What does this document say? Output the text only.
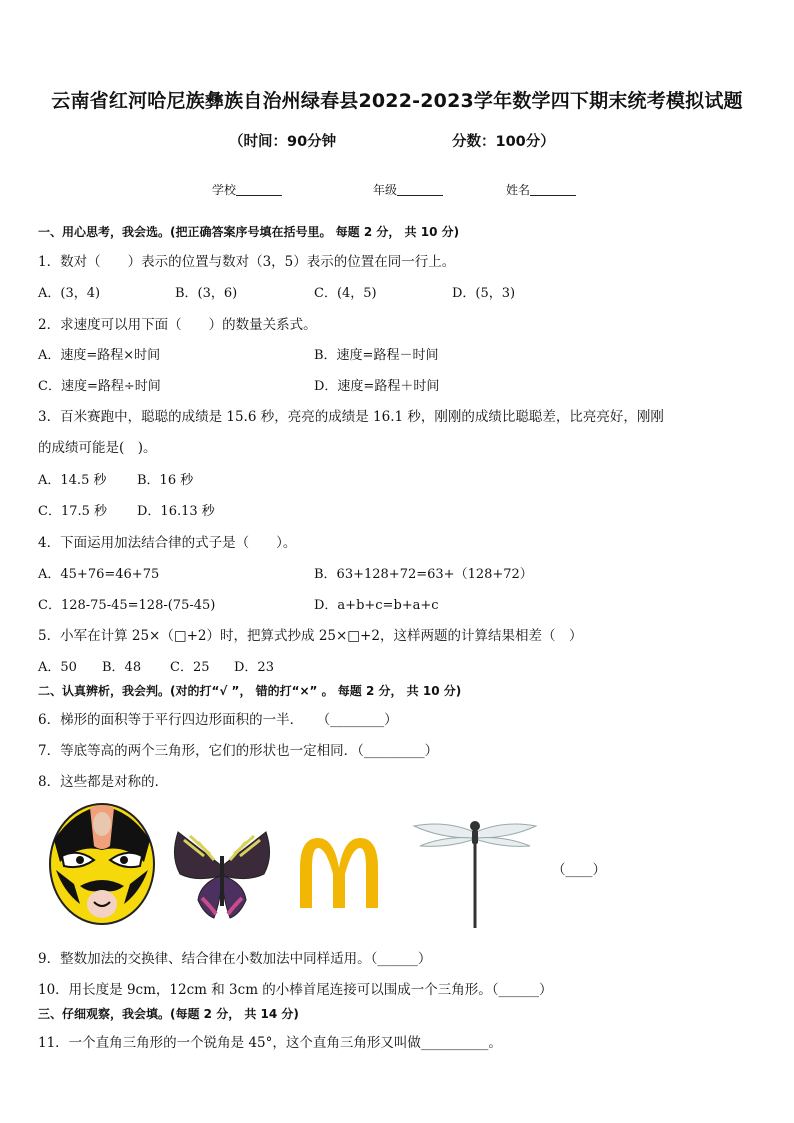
云南省红河哈尼族彝族自治州绿春县2022-2023学年数学四下期末统考模拟试题
（时间：90分钟	分数：100分）
学校	年级	姓名
一、用心思考，我会选。(把正确答案序号填在括号里。 每题 2 分， 共 10 分)
1．数对（　　）表示的位置与数对（3，5）表示的位置在同一行上。
A．(3，4)	B．(3，6)	C．(4，5)	D．(5，3)
2．求速度可以用下面（　　）的数量关系式。
A．速度=路程×时间	B．速度=路程－时间
C．速度=路程÷时间	D．速度=路程＋时间
3．百米赛跑中，聪聪的成绩是 15.6 秒，亮亮的成绩是 16.1 秒，刚刚的成绩比聪聪差，比亮亮好，刚刚
的成绩可能是(　)。
A．14.5 秒 B．16 秒
C．17.5 秒 D．16.13 秒
4．下面运用加法结合律的式子是（　　）。
A．45+76=46+75	B．63+128+72=63+（128+72）
C．128-75-45=128-(75-45)	D．a+b+c=b+a+c
5．小军在计算 25×（□+2）时，把算式抄成 25×□+2，这样两题的计算结果相差（　）
A．50 B．48 C．25 D．23
二、认真辨析，我会判。(对的打“√ ”， 错的打“×” 。 每题 2 分， 共 10 分)
6．梯形的面积等于平行四边形面积的一半．　　（________）
7．等底等高的两个三角形，它们的形状也一定相同．（_________）
8．这些都是对称的．
（____）
9．整数加法的交换律、结合律在小数加法中同样适用。（______）
10．用长度是 9cm，12cm 和 3cm 的小棒首尾连接可以围成一个三角形。（______）
三、仔细观察，我会填。(每题 2 分， 共 14 分)
11．一个直角三角形的一个锐角是 45°，这个直角三角形又叫做__________。
